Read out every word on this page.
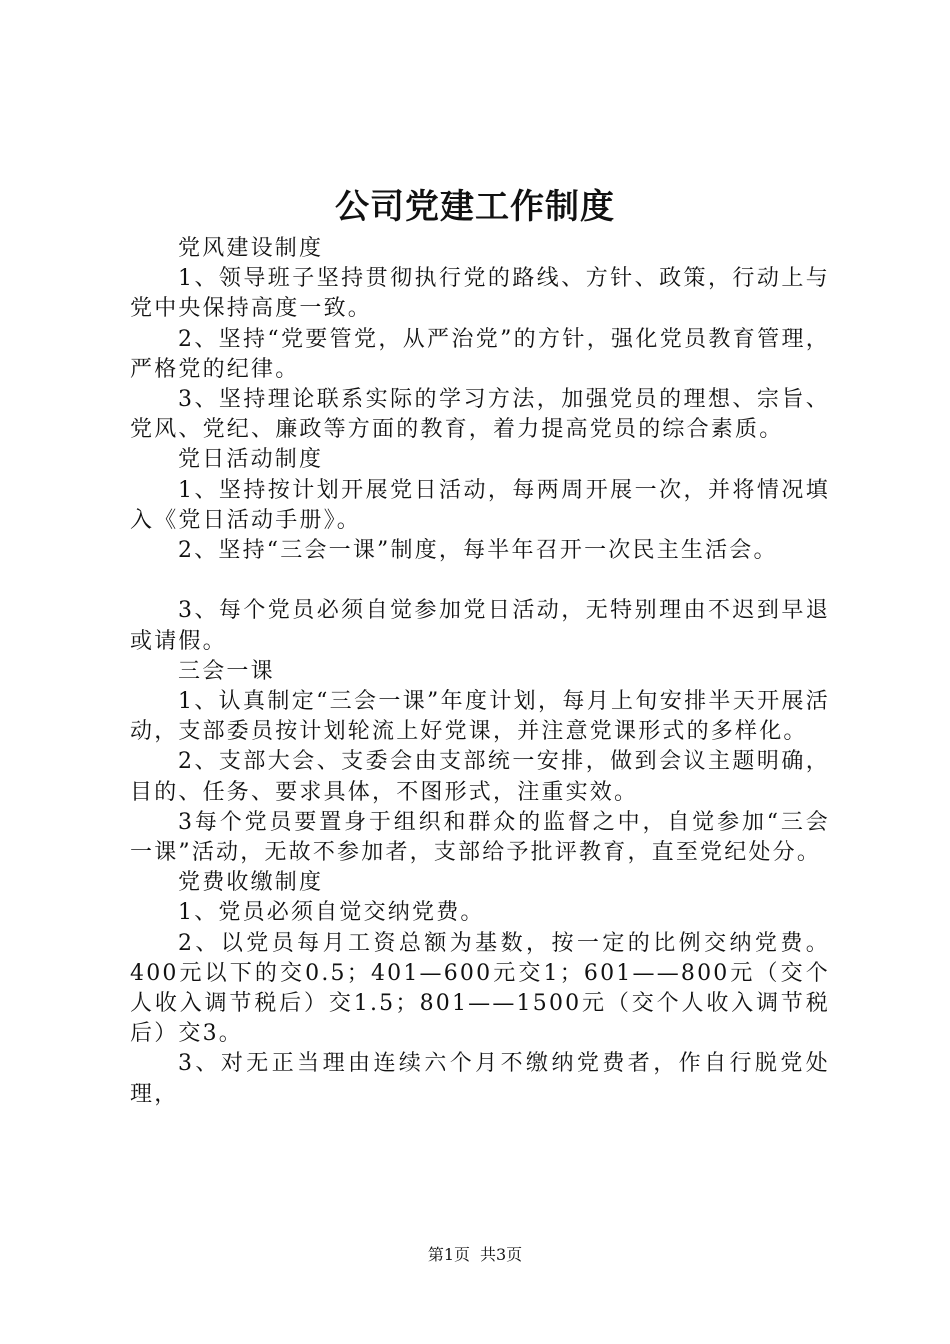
公司党建工作制度

党风建设制度

1、领导班子坚持贯彻执行党的路线、方针、政策，行动上与党中央保持高度一致。

2、坚持“党要管党，从严治党”的方针，强化党员教育管理，严格党的纪律。

3、坚持理论联系实际的学习方法，加强党员的理想、宗旨、党风、党纪、廉政等方面的教育，着力提高党员的综合素质。

党日活动制度

1、坚持按计划开展党日活动，每两周开展一次，并将情况填入《党日活动手册》。

2、坚持“三会一课”制度，每半年召开一次民主生活会。

3、每个党员必须自觉参加党日活动，无特别理由不迟到早退或请假。

三会一课

1、认真制定“三会一课”年度计划，每月上旬安排半天开展活动，支部委员按计划轮流上好党课，并注意党课形式的多样化。

2、支部大会、支委会由支部统一安排，做到会议主题明确，目的、任务、要求具体，不图形式，注重实效。

3每个党员要置身于组织和群众的监督之中，自觉参加“三会一课”活动，无故不参加者，支部给予批评教育，直至党纪处分。

党费收缴制度

1、党员必须自觉交纳党费。

2、以党员每月工资总额为基数，按一定的比例交纳党费。400元以下的交0.5；401—600元交1；601——800元（交个人收入调节税后）交1.5；801——1500元（交个人收入调节税后）交3。

3、对无正当理由连续六个月不缴纳党费者，作自行脱党处理，

第1页 共3页
